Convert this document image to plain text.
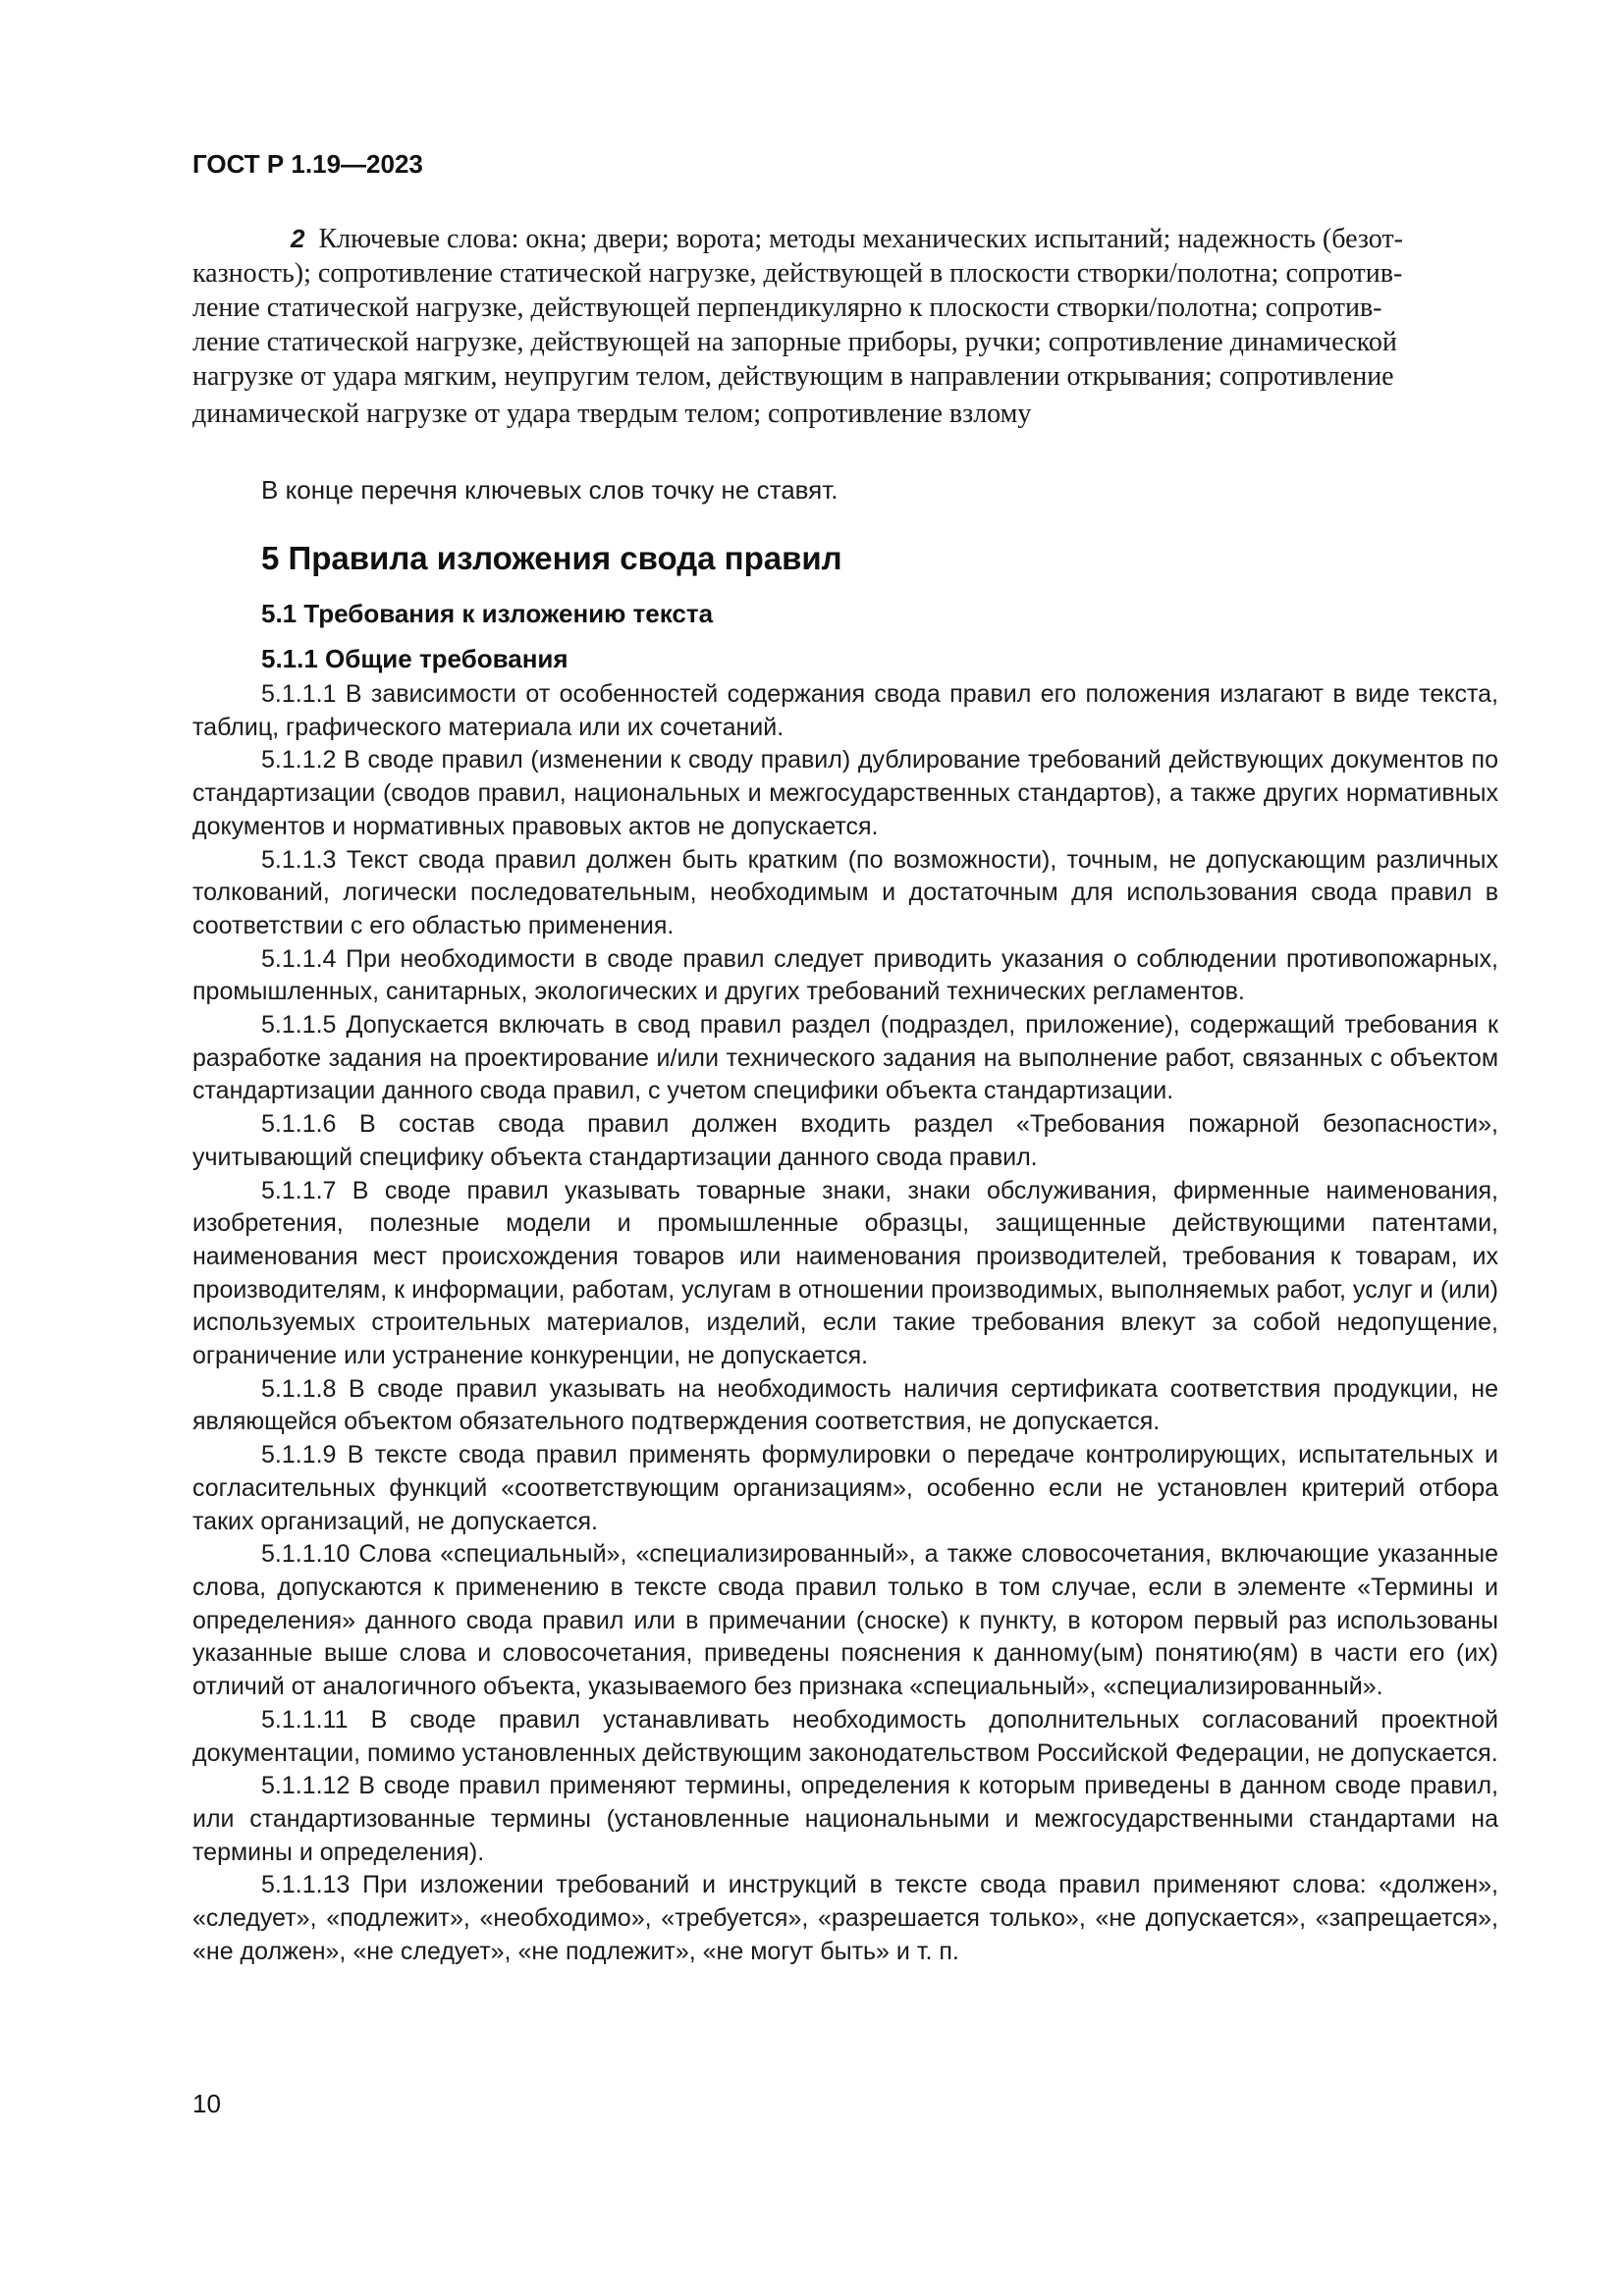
ГОСТ Р 1.19—2023
2 Ключевые слова: окна; двери; ворота; методы механических испытаний; надежность (безот-
казность); сопротивление статической нагрузке, действующей в плоскости створки/полотна; сопротив-
ление статической нагрузке, действующей перпендикулярно к плоскости створки/полотна; сопротив-
ление статической нагрузке, действующей на запорные приборы, ручки; сопротивление динамической
нагрузке от удара мягким, неупругим телом, действующим в направлении открывания; сопротивление
динамической нагрузке от удара твердым телом; сопротивление взлому
В конце перечня ключевых слов точку не ставят.
5 Правила изложения свода правил
5.1 Требования к изложению текста
5.1.1 Общие требования

5.1.1.1 В зависимости от особенностей содержания свода правил его положения излагают в виде текста, таблиц, графического материала или их сочетаний.

5.1.1.2 В своде правил (изменении к своду правил) дублирование требований действующих документов по стандартизации (сводов правил, национальных и межгосударственных стандартов), а также других нормативных документов и нормативных правовых актов не допускается.

5.1.1.3 Текст свода правил должен быть кратким (по возможности), точным, не допускающим различных толкований, логически последовательным, необходимым и достаточным для использования свода правил в соответствии с его областью применения.

5.1.1.4 При необходимости в своде правил следует приводить указания о соблюдении противопожарных, промышленных, санитарных, экологических и других требований технических регламентов.

5.1.1.5 Допускается включать в свод правил раздел (подраздел, приложение), содержащий требования к разработке задания на проектирование и/или технического задания на выполнение работ, связанных с объектом стандартизации данного свода правил, с учетом специфики объекта стандартизации.

5.1.1.6 В состав свода правил должен входить раздел «Требования пожарной безопасности», учитывающий специфику объекта стандартизации данного свода правил.

5.1.1.7 В своде правил указывать товарные знаки, знаки обслуживания, фирменные наименования, изобретения, полезные модели и промышленные образцы, защищенные действующими патентами, наименования мест происхождения товаров или наименования производителей, требования к товарам, их производителям, к информации, работам, услугам в отношении производимых, выполняемых работ, услуг и (или) используемых строительных материалов, изделий, если такие требования влекут за собой недопущение, ограничение или устранение конкуренции, не допускается.

5.1.1.8 В своде правил указывать на необходимость наличия сертификата соответствия продукции, не являющейся объектом обязательного подтверждения соответствия, не допускается.

5.1.1.9 В тексте свода правил применять формулировки о передаче контролирующих, испытательных и согласительных функций «соответствующим организациям», особенно если не установлен критерий отбора таких организаций, не допускается.

5.1.1.10 Слова «специальный», «специализированный», а также словосочетания, включающие указанные слова, допускаются к применению в тексте свода правил только в том случае, если в элементе «Термины и определения» данного свода правил или в примечании (сноске) к пункту, в котором первый раз использованы указанные выше слова и словосочетания, приведены пояснения к данному(ым) понятию(ям) в части его (их) отличий от аналогичного объекта, указываемого без признака «специальный», «специализированный».

5.1.1.11 В своде правил устанавливать необходимость дополнительных согласований проектной документации, помимо установленных действующим законодательством Российской Федерации, не допускается.

5.1.1.12 В своде правил применяют термины, определения к которым приведены в данном своде правил, или стандартизованные термины (установленные национальными и межгосударственными стандартами на термины и определения).

5.1.1.13 При изложении требований и инструкций в тексте свода правил применяют слова: «должен», «следует», «подлежит», «необходимо», «требуется», «разрешается только», «не допускается», «запрещается», «не должен», «не следует», «не подлежит», «не могут быть» и т. п.

10
